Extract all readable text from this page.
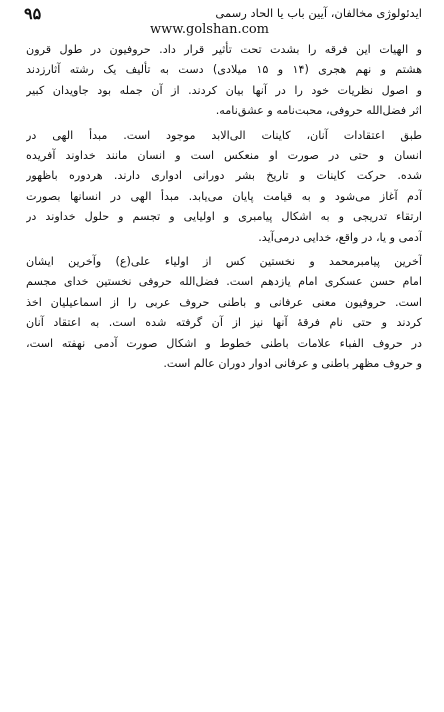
۹۵	ایدئولوژی مخالفان، آیین باب یا الحاد رسمی
www.golshan.com
و الهیات این فرقه را بشدت تحت تأثیر قرار داد. حروفیون در طول قرون
هشتم و نهم هجری (۱۴ و ۱۵ میلادی) دست به تألیف یک رشته آثارزدند
و اصول نظریات خود را در آنها بیان کردند. از آن جمله بود جاویدان کبیر
اثر فضل‌الله حروفی، محبت‌نامه و عشق‌نامه.
طبق اعتقادات آنان، کاینات الی‌الابد موجود است. مبدأ الهی در
انسان و حتی در صورت او منعکس است و انسان مانند خداوند آفریده
شده. حرکت کاینات و تاریخ بشر دورانی ادواری دارند. هردوره باظهور
آدم آغاز می‌شود و به قیامت پایان می‌یابد. مبدأ الهی در انسانها بصورت
ارتقاء تدریجی و به اشکال پیامبری و اولیایی و تجسم و حلول خداوند در
آدمی و یا، در واقع، خدایی درمی‌آید.
آخرین پیامبرمحمد و نخستین کس از اولیاء علی(ع) وآخرین ایشان
امام حسن عسکری امام یازدهم است. فضل‌الله حروفی نخستین خدای مجسم
است. حروفیون معنی عرفانی و باطنی حروف عربی را از اسماعیلیان اخذ
کردند و حتی نام فرقهٔ آنها نیز از آن گرفته شده است. به اعتقاد آنان
در حروف الفباء علامات باطنی خطوط و اشکال صورت آدمی نهفته است،
و حروف مظهر باطنی و عرفانی ادوار دوران عالم است.
